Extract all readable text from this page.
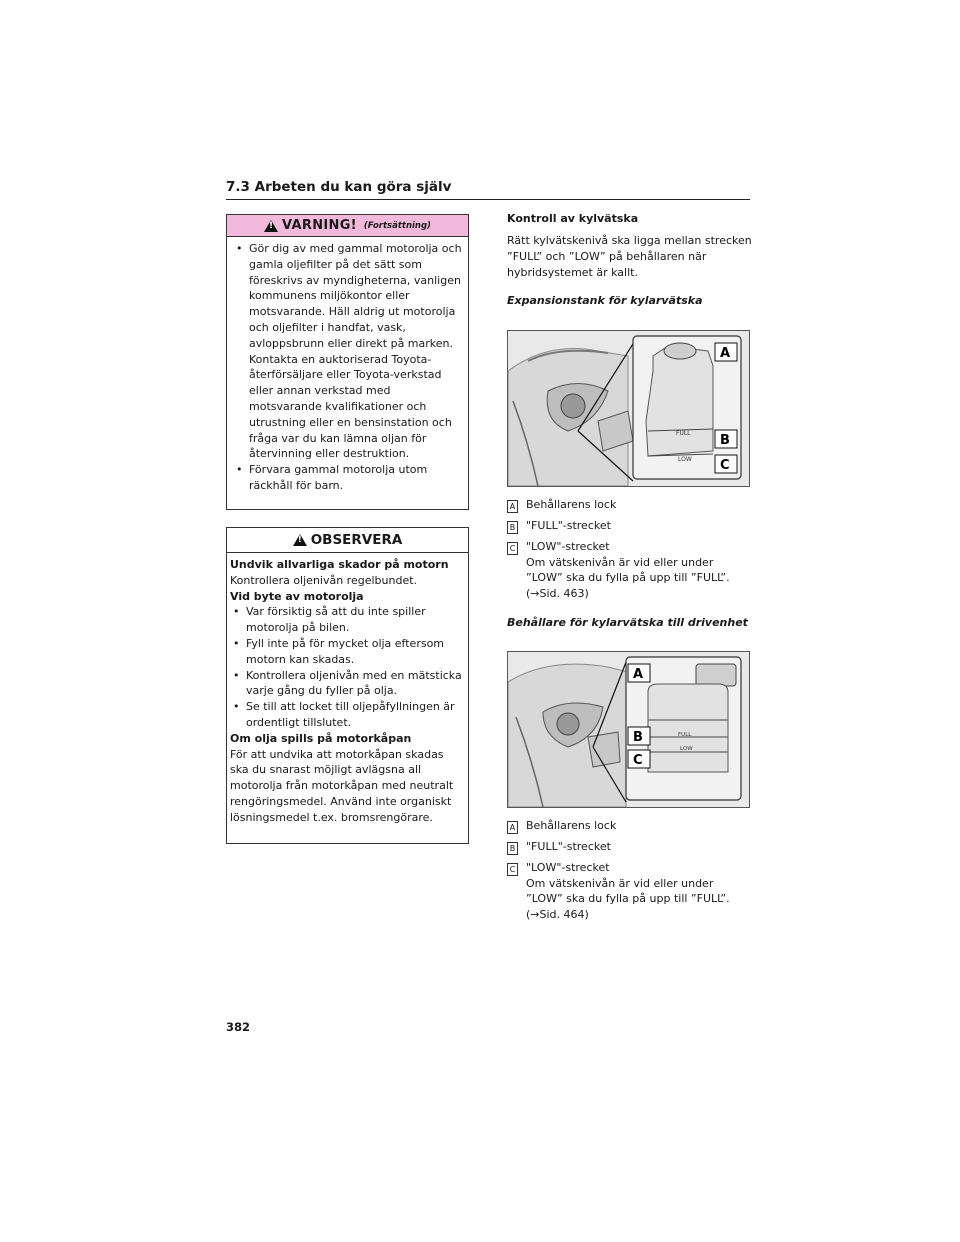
7.3 Arbeten du kan göra själv
!
VARNING! (Fortsättning)
• Gör dig av med gammal motorolja och gamla oljefilter på det sätt som föreskrivs av myndigheterna, vanligen kommunens miljökontor eller motsvarande. Häll aldrig ut motorolja och oljefilter i handfat, vask, avloppsbrunn eller direkt på marken. Kontakta en auktoriserad Toyota-återförsäljare eller Toyota-verkstad eller annan verkstad med motsvarande kvalifikationer och utrustning eller en bensinstation och fråga var du kan lämna oljan för återvinning eller destruktion.
• Förvara gammal motorolja utom räckhåll för barn.
!
OBSERVERA
Undvik allvarliga skador på motorn
Kontrollera oljenivån regelbundet.
Vid byte av motorolja
• Var försiktig så att du inte spiller motorolja på bilen.
• Fyll inte på för mycket olja eftersom motorn kan skadas.
• Kontrollera oljenivån med en mätsticka varje gång du fyller på olja.
• Se till att locket till oljepåfyllningen är ordentligt tillslutet.
Om olja spills på motorkåpan
För att undvika att motorkåpan skadas ska du snarast möjligt avlägsna all motorolja från motorkåpan med neutralt rengöringsmedel. Använd inte organiskt lösningsmedel t.ex. bromsrengörare.
Kontroll av kylvätska
Rätt kylvätskenivå ska ligga mellan strecken ”FULL” och ”LOW” på behållaren när hybridsystemet är kallt.
Expansionstank för kylarvätska
FULL
LOW
A
B
C
A Behållarens lock
B "FULL"-strecket
C "LOW"-strecket
Om vätskenivån är vid eller under ”LOW” ska du fylla på upp till ”FULL”.
(→Sid. 463)
Behållare för kylarvätska till drivenhet
FULL
LOW
A
B
C
A Behållarens lock
B "FULL"-strecket
C "LOW"-strecket
Om vätskenivån är vid eller under ”LOW” ska du fylla på upp till ”FULL”.
(→Sid. 464)
382
